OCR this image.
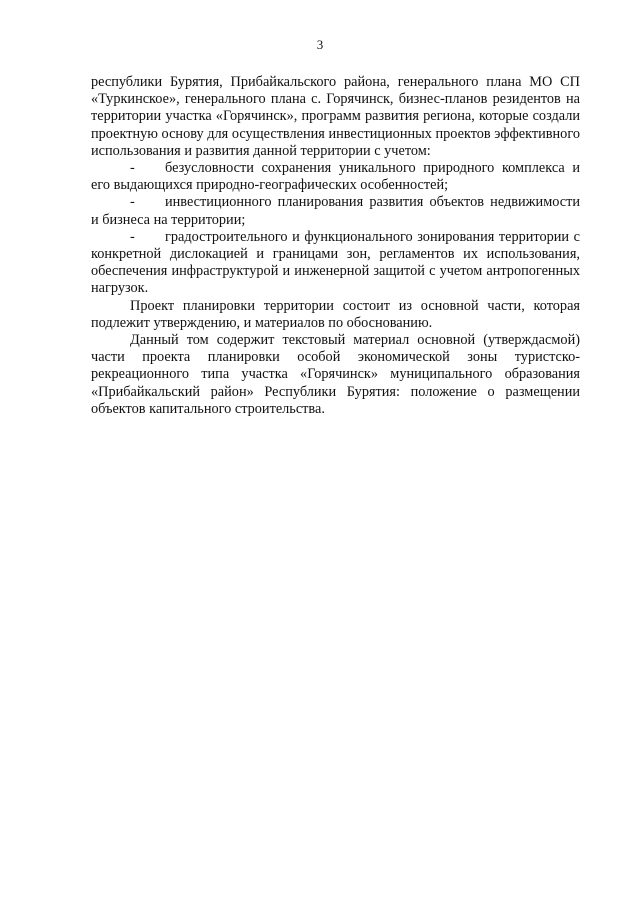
3

республики Бурятия, Прибайкальского района, генерального плана МО СП «Туркинское», генерального плана с. Горячинск, бизнес-планов резидентов на территории участка «Горячинск», программ развития региона, которые создали проектную основу для осуществления инвестиционных проектов эффективного использования и развития данной территории с учетом:

- безусловности сохранения уникального природного комплекса и его выдающихся природно-географических особенностей;

- инвестиционного планирования развития объектов недвижимости и бизнеса на территории;

- градостроительного и функционального зонирования территории с конкретной дислокацией и границами зон, регламентов их использования, обеспечения инфраструктурой и инженерной защитой с учетом антропогенных нагрузок.

Проект планировки территории состоит из основной части, которая подлежит утверждению, и материалов по обоснованию.

Данный том содержит текстовый материал основной (утверждасмой) части проекта планировки особой экономической зоны туристско-рекреационного типа участка «Горячинск» муниципального образования «Прибайкальский район» Республики Бурятия: положение о размещении объектов капитального строительства.
